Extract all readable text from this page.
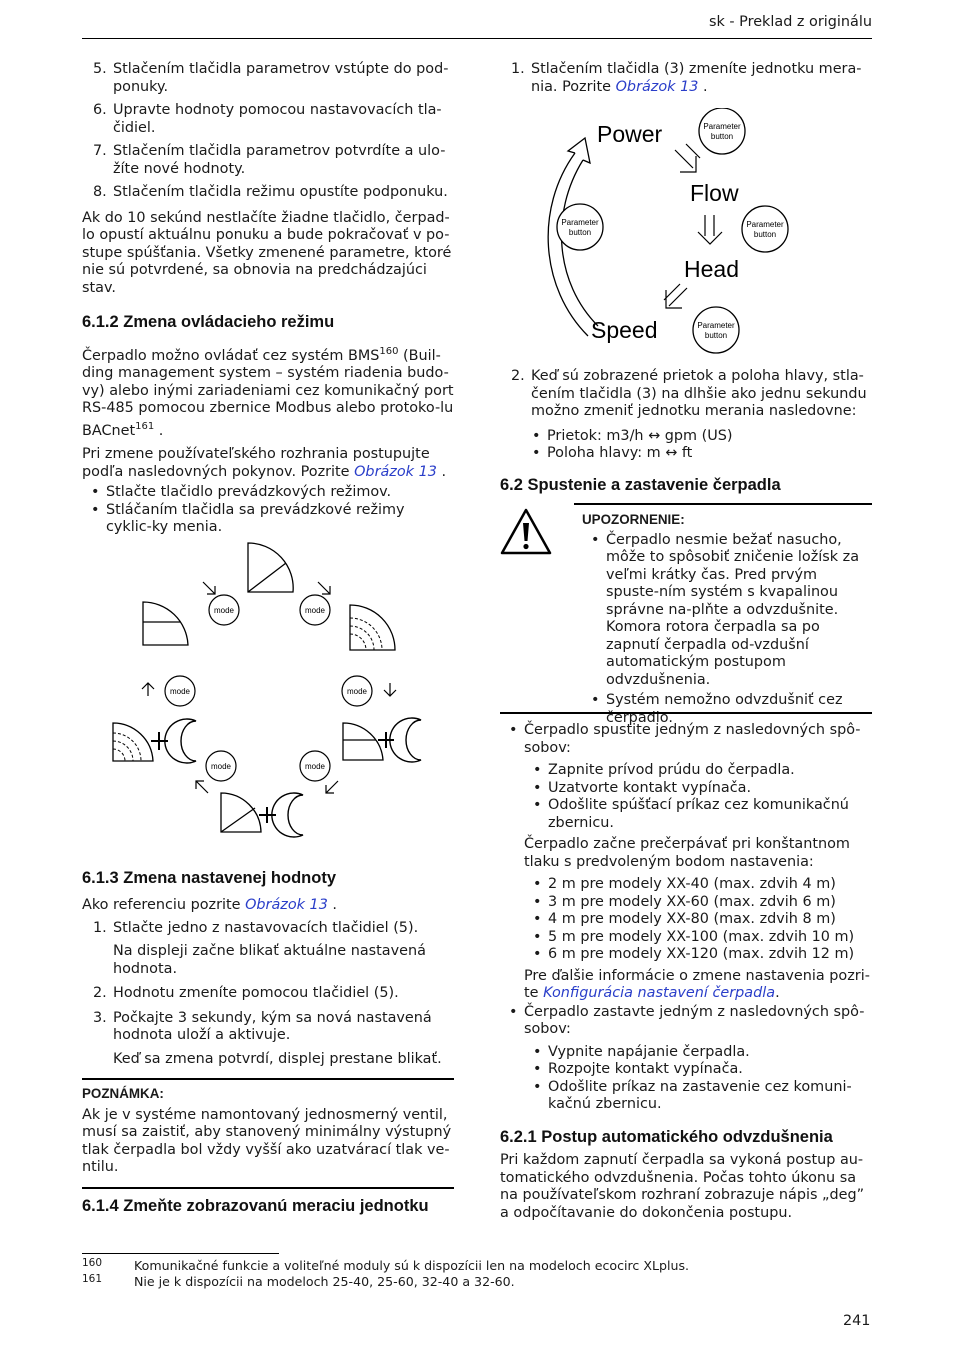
sk - Preklad z originálu
5. Stlačením tlačidla parametrov vstúpte do pod-ponuky.
6. Upravte hodnoty pomocou nastavovacích tla-čidiel.
7. Stlačením tlačidla parametrov potvrdíte a ulo-žíte nové hodnoty.
8. Stlačením tlačidla režimu opustíte podponuku.

Ak do 10 sekúnd nestlačíte žiadne tlačidlo, čerpad-lo opustí aktuálnu ponuku a bude pokračovať v po-stupe spúšťania. Všetky zmenené parametre, ktoré nie sú potvrdené, sa obnovia na predchádzajúci stav.

6.1.2 Zmena ovládacieho režimu

Čerpadlo možno ovládať cez systém BMS$^{160}$ (Buil-ding management system – systém riadenia budo-vy) alebo inými zariadeniami cez komunikačný port RS-485 pomocou zbernice Modbus alebo protoko-lu BACnet$^{161}$ .

Pri zmene používateľského rozhrania postupujte podľa nasledovných pokynov. Pozrite Obrázok 13 .

• Stlačte tlačidlo prevádzkových režimov.
• Stláčaním tlačidla sa prevádzkové režimy cyklic-ky menia.
mode	mode
mode	mode
mode	mode
6.1.3 Zmena nastavenej hodnoty

Ako referenciu pozrite Obrázok 13 .

1. Stlačte jedno z nastavovacích tlačidiel (5).

Na displeji začne blikať aktuálne nastavená hodnota.

2. Hodnotu zmeníte pomocou tlačidiel (5).
3. Počkajte 3 sekundy, kým sa nová nastavená hodnota uloží a aktivuje.

Keď sa zmena potvrdí, displej prestane blikať.

POZNÁMKA:

Ak je v systéme namontovaný jednosmerný ventil, musí sa zaistiť, aby stanovený minimálny výstupný tlak čerpadla bol vždy vyšší ako uzatvárací tlak ve-ntilu.

6.1.4 Zmeňte zobrazovanú meraciu jednotku
1. Stlačením tlačidla (3) zmeníte jednotku mera-nia. Pozrite Obrázok 13 .
Power
Flow
Head
Speed
Parameter
button
Parameter
button
Parameter
button
Parameter
button
2. Keď sú zobrazené prietok a poloha hlavy, stla-čením tlačidla (3) na dlhšie ako jednu sekundu možno zmeniť jednotku merania nasledovne:
• Prietok: m3/h ↔ gpm (US)
• Poloha hlavy: m ↔ ft
6.2 Spustenie a zastavenie čerpadla
UPOZORNENIE:
• Čerpadlo nesmie bežať nasucho, môže to spôsobiť zničenie ložísk za veľmi krátky čas. Pred prvým spuste-ním systém s kvapalinou správne na-plňte a odvzdušnite. Komora rotora čerpadla sa po zapnutí čerpadla od-vzdušní automatickým postupom odvzdušnenia.
• Systém nemožno odvzdušniť cez čerpadlo.
• Čerpadlo spustite jedným z nasledovných spô-sobov:
• Zapnite prívod prúdu do čerpadla.
• Uzatvorte kontakt vypínača.
• Odošlite spúšťací príkaz cez komunikačnú zbernicu.

Čerpadlo začne prečerpávať pri konštantnom tlaku s predvoleným bodom nastavenia:

• 2 m pre modely XX-40 (max. zdvih 4 m)
• 3 m pre modely XX-60 (max. zdvih 6 m)
• 4 m pre modely XX-80 (max. zdvih 8 m)
• 5 m pre modely XX-100 (max. zdvih 10 m)
• 6 m pre modely XX-120 (max. zdvih 12 m)

Pre ďalšie informácie o zmene nastavenia pozri-te Konfigurácia nastavení čerpadla.

• Čerpadlo zastavte jedným z nasledovných spô-sobov:
• Vypnite napájanie čerpadla.
• Rozpojte kontakt vypínača.
• Odošlite príkaz na zastavenie cez komuni-kačnú zbernicu.
6.2.1 Postup automatického odvzdušnenia

Pri každom zapnutí čerpadla sa vykoná postup au-tomatického odvzdušnenia. Počas tohto úkonu sa na používateľskom rozhraní zobrazuje nápis „deg” a odpočítavanie do dokončenia postupu.

160	Komunikačné funkcie a voliteľné moduly sú k dispozícii len na modeloch ecocirc XLplus.
161	Nie je k dispozícii na modeloch 25-40, 25-60, 32-40 a 32-60.
241
